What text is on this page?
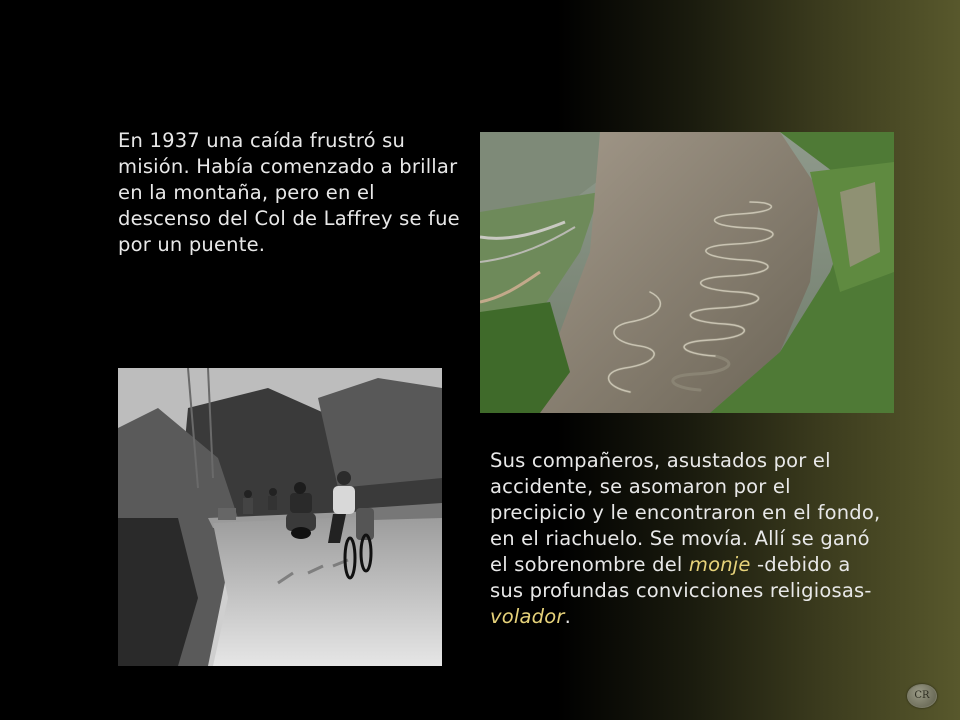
En 1937 una caída frustró su misión. Había comenzado a brillar en la montaña, pero en el descenso del Col de Laffrey se fue por un puente.
Sus compañeros, asustados por el accidente, se asomaron por el precipicio y le encontraron en el fondo, en el riachuelo. Se movía. Allí se ganó el sobrenombre del monje -debido a sus profundas convicciones religiosas- volador.
CR
